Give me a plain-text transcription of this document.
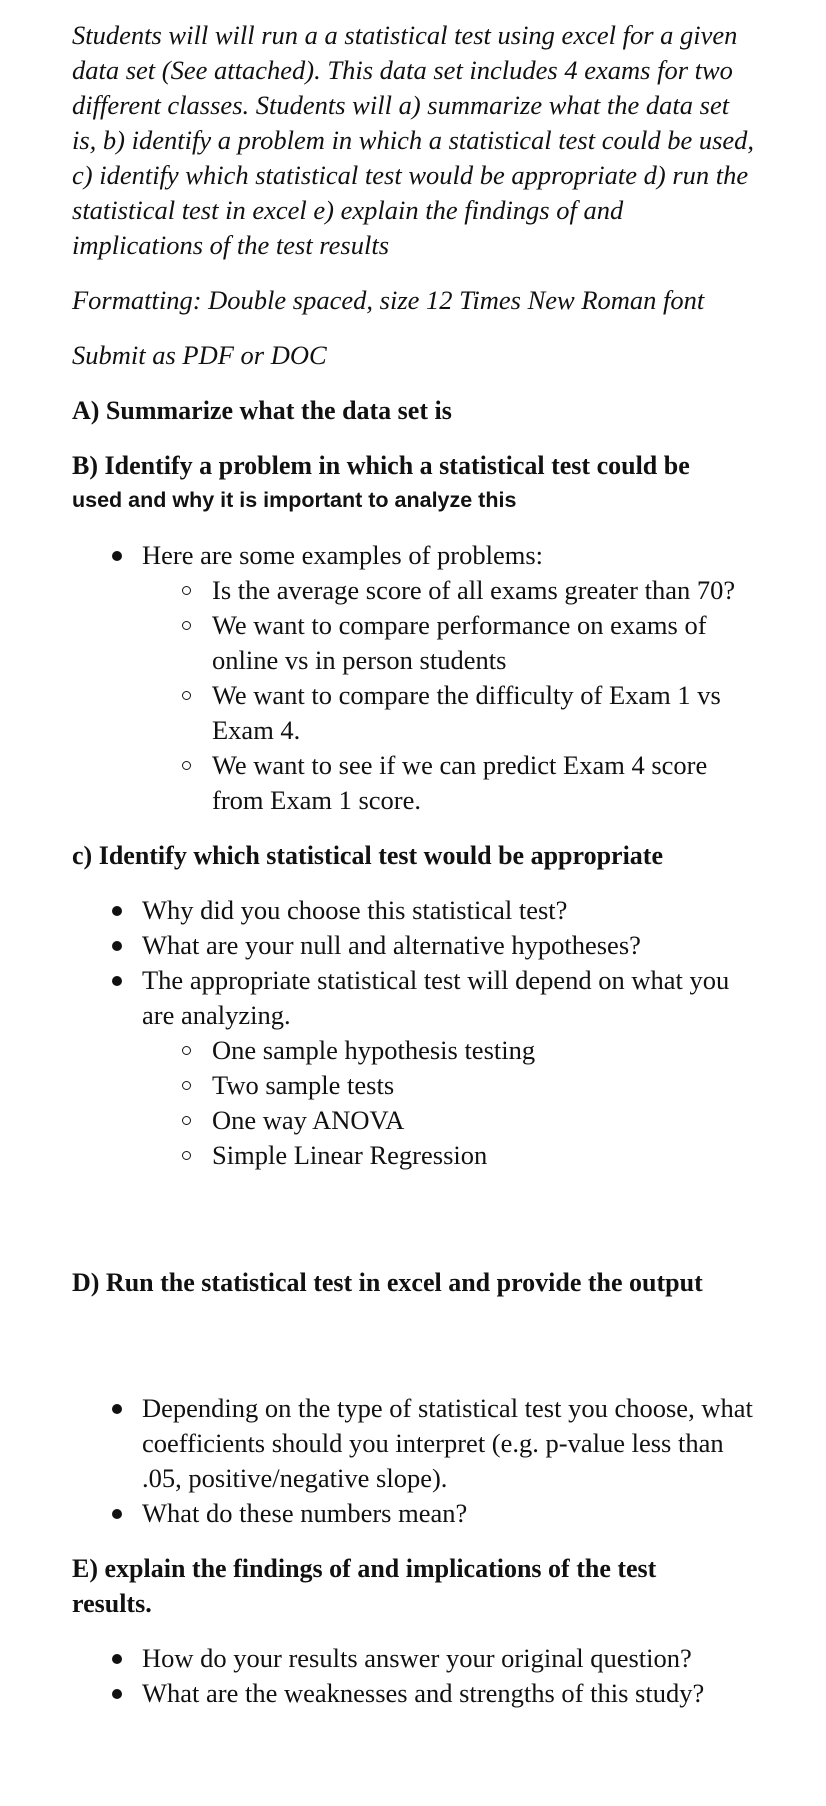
Students will will run a a statistical test using excel for a given
data set (See attached). This data set includes 4 exams for two
different classes. Students will a) summarize what the data set
is, b) identify a problem in which a statistical test could be used,
c) identify which statistical test would be appropriate d) run the
statistical test in excel e) explain the findings of and
implications of the test results

Formatting: Double spaced, size 12 Times New Roman font

Submit as PDF or DOC

A) Summarize what the data set is

B) Identify a problem in which a statistical test could be
used and why it is important to analyze this

Here are some examples of problems:
Is the average score of all exams greater than 70?
We want to compare performance on exams of
online vs in person students
We want to compare the difficulty of Exam 1 vs
Exam 4.
We want to see if we can predict Exam 4 score
from Exam 1 score.

c) Identify which statistical test would be appropriate

Why did you choose this statistical test?
What are your null and alternative hypotheses?
The appropriate statistical test will depend on what you
are analyzing.
One sample hypothesis testing
Two sample tests
One way ANOVA
Simple Linear Regression

D) Run the statistical test in excel and provide the output

Depending on the type of statistical test you choose, what
coefficients should you interpret (e.g. p-value less than
.05, positive/negative slope).
What do these numbers mean?

E) explain the findings of and implications of the test
results.

How do your results answer your original question?
What are the weaknesses and strengths of this study?
